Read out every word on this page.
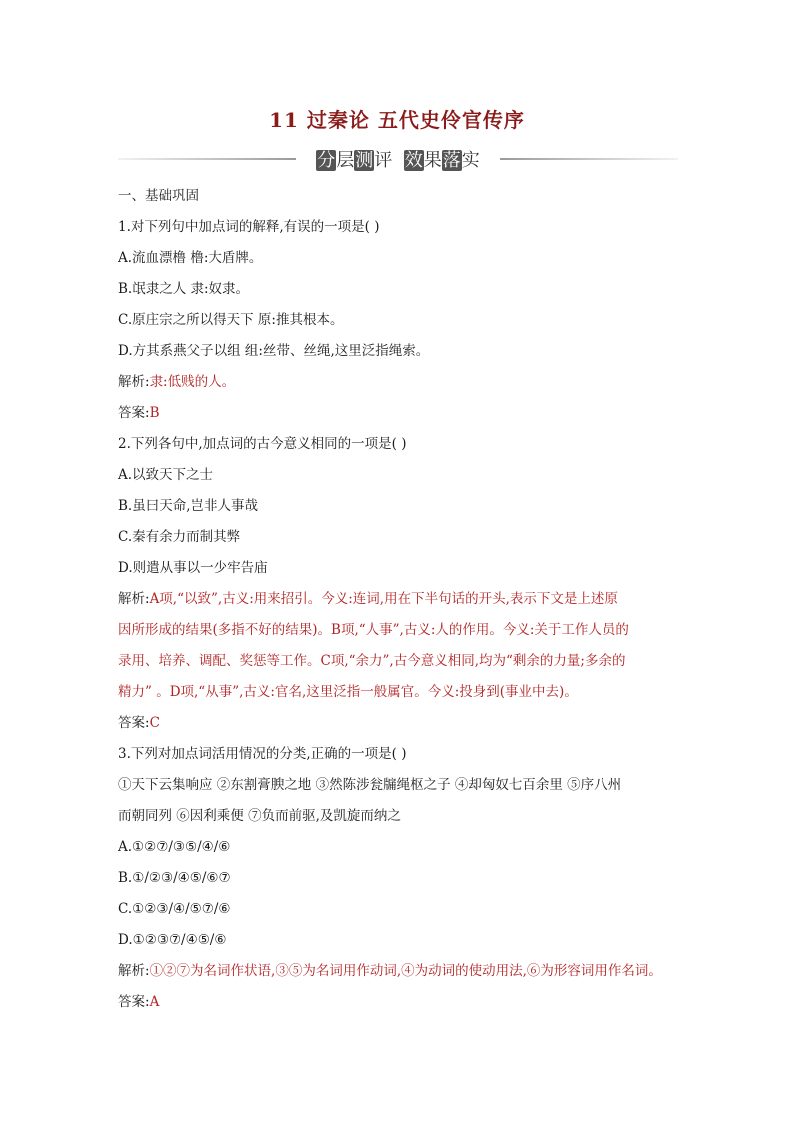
11 过秦论 五代史伶官传序
分层测评 效果落实
一、基础巩固
1.对下列句中加点词的解释,有误的一项是( )
A.流血漂橹 橹:大盾牌。
B.氓隶之人 隶:奴隶。
C.原庄宗之所以得天下 原:推其根本。
D.方其系燕父子以组 组:丝带、丝绳,这里泛指绳索。
解析:隶:低贱的人。
答案:B
2.下列各句中,加点词的古今意义相同的一项是( )
A.以致天下之士
B.虽曰天命,岂非人事哉
C.秦有余力而制其弊
D.则遣从事以一少牢告庙
解析:A项,“以致”,古义:用来招引。今义:连词,用在下半句话的开头,表示下文是上述原
因所形成的结果(多指不好的结果)。B项,“人事”,古义:人的作用。今义:关于工作人员的
录用、培养、调配、奖惩等工作。C项,“余力”,古今意义相同,均为“剩余的力量;多余的
精力” 。D项,“从事”,古义:官名,这里泛指一般属官。今义:投身到(事业中去)。
答案:C
3.下列对加点词活用情况的分类,正确的一项是( )
①天下云集响应 ②东割膏腴之地 ③然陈涉瓮牖绳枢之子 ④却匈奴七百余里 ⑤序八州
而朝同列 ⑥因利乘便 ⑦负而前驱,及凯旋而纳之
A.①②⑦/③⑤/④/⑥
B.①/②③/④⑤/⑥⑦
C.①②③/④/⑤⑦/⑥
D.①②③⑦/④⑤/⑥
解析:①②⑦为名词作状语,③⑤为名词用作动词,④为动词的使动用法,⑥为形容词用作名词。
答案:A
